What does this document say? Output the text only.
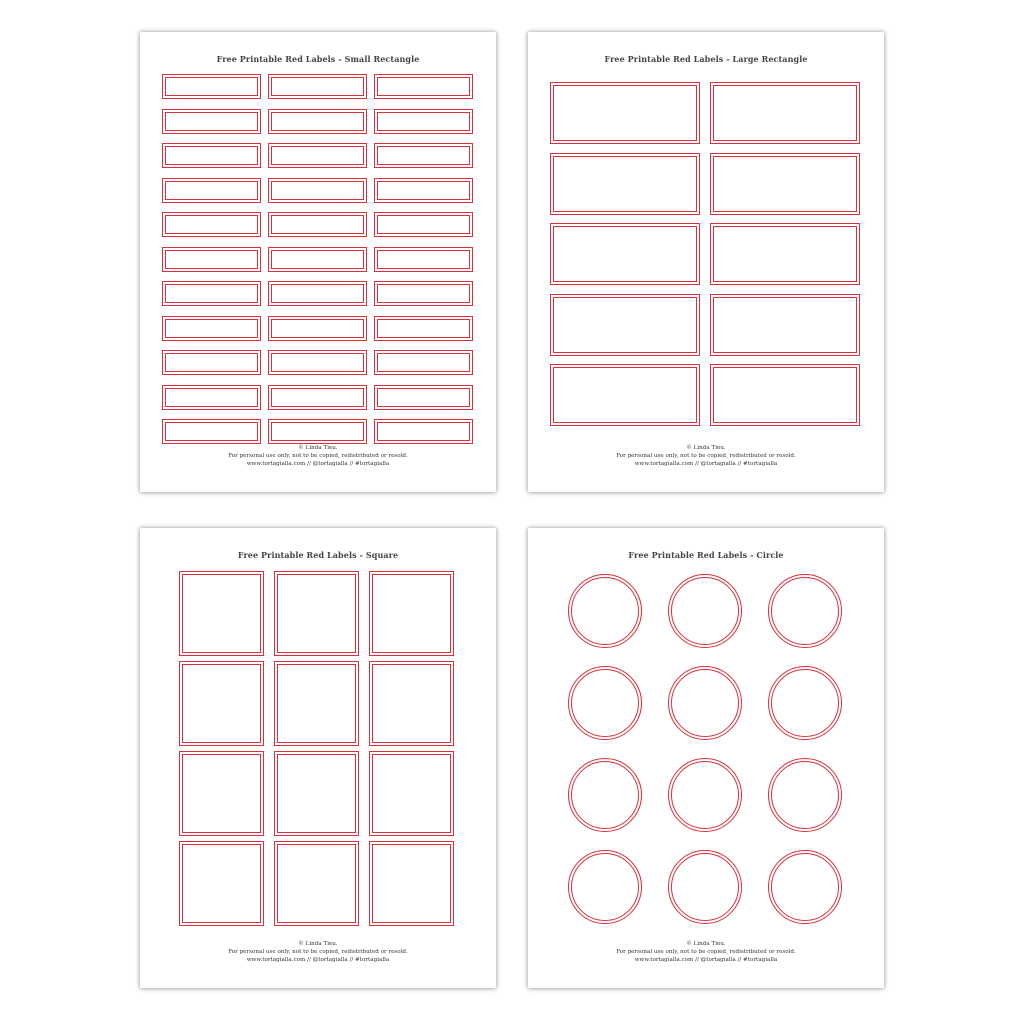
Free Printable Red Labels - Small Rectangle
© Linda Tieu.
For personal use only, not to be copied, redistributed or resold.
www.tortagialla.com // @tortagialla // #tortagialla
Free Printable Red Labels - Large Rectangle
© Linda Tieu.
For personal use only, not to be copied, redistributed or resold.
www.tortagialla.com // @tortagialla // #tortagialla
Free Printable Red Labels - Square
© Linda Tieu.
For personal use only, not to be copied, redistributed or resold.
www.tortagialla.com // @tortagialla // #tortagialla
Free Printable Red Labels - Circle
© Linda Tieu.
For personal use only, not to be copied, redistributed or resold.
www.tortagialla.com // @tortagialla // #tortagialla
